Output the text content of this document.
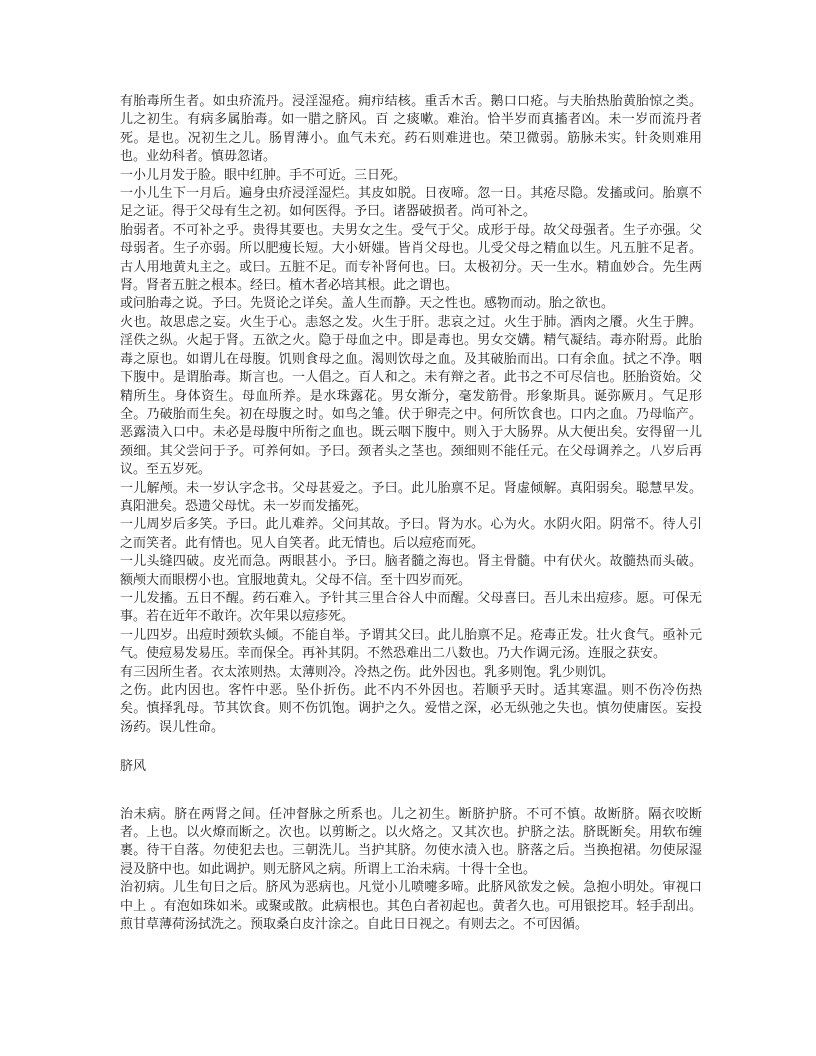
有胎毒所生者。如虫疥流丹。浸淫湿疮。痈疖结核。重舌木舌。鹅口口疮。与夫胎热胎黄胎惊之类。儿之初生。有病多属胎毒。如一腊之脐风。百 之痰嗽。难治。恰半岁而真搐者凶。未一岁而流丹者死。是也。况初生之儿。肠胃薄小。血气未充。药石则难进也。荣卫微弱。筋脉未实。针灸则难用也。业幼科者。慎毋忽诸。

一小儿月发于脸。眼中红肿。手不可近。三日死。

一小儿生下一月后。遍身虫疥浸淫湿烂。其皮如脱。日夜啼。忽一日。其疮尽隐。发搐或问。胎禀不足之证。得于父母有生之初。如何医得。予曰。诸器破损者。尚可补之。

胎弱者。不可补之乎。贵得其要也。夫男女之生。受气于父。成形于母。故父母强者。生子亦强。父母弱者。生子亦弱。所以肥瘦长短。大小妍媸。皆肖父母也。儿受父母之精血以生。凡五脏不足者。古人用地黄丸主之。或曰。五脏不足。而专补肾何也。曰。太极初分。天一生水。精血妙合。先生两肾。肾者五脏之根本。经曰。植木者必培其根。此之谓也。

或问胎毒之说。予曰。先贤论之详矣。盖人生而静。天之性也。感物而动。胎之欲也。

火也。故思虑之妄。火生于心。恚怒之发。火生于肝。悲哀之过。火生于肺。酒肉之餍。火生于脾。淫佚之纵。火起于肾。五欲之火。隐于母血之中。即是毒也。男女交媾。精气凝结。毒亦附焉。此胎毒之原也。如谓儿在母腹。饥则食母之血。渴则饮母之血。及其破胎而出。口有余血。拭之不净。咽下腹中。是谓胎毒。斯言也。一人倡之。百人和之。未有辩之者。此书之不可尽信也。胚胎资始。父精所生。身体资生。母血所养。是水珠露花。男女渐分，毫发筋骨。形象斯具。诞弥厥月。气足形全。乃破胎而生矣。初在母腹之时。如鸟之雏。伏于卵壳之中。何所饮食也。口内之血。乃母临产。恶露渍入口中。未必是母腹中所衔之血也。既云咽下腹中。则入于大肠界。从大便出矣。安得留一儿颈细。其父尝问于予。可养何如。予曰。颈者头之茎也。颈细则不能任元。在父母调养之。八岁后再议。至五岁死。

一儿解颅。未一岁认字念书。父母甚爱之。予曰。此儿胎禀不足。肾虚倾解。真阳弱矣。聪慧早发。真阳泄矣。恐遗父母忧。未一岁而发搐死。

一儿周岁后多笑。予曰。此儿难养。父问其故。予曰。肾为水。心为火。水阴火阳。阴常不。待人引之而笑者。此有情也。见人自笑者。此无情也。后以痘疮而死。

一儿头缝四破。皮光而急。两眼甚小。予曰。脑者髓之海也。肾主骨髓。中有伏火。故髓热而头破。额颅大而眼楞小也。宜服地黄丸。父母不信。至十四岁而死。

一儿发搐。五日不醒。药石难入。予针其三里合谷人中而醒。父母喜曰。吾儿未出痘疹。愿。可保无事。若在近年不敢许。次年果以痘疹死。

一儿四岁。出痘时颈软头倾。不能自举。予谓其父曰。此儿胎禀不足。疮毒正发。壮火食气。亟补元气。使痘易发易压。幸而保全。再补其阴。不然恐难出二八数也。乃大作调元汤。连服之获安。

有三因所生者。衣太浓则热。太薄则冷。冷热之伤。此外因也。乳多则饱。乳少则饥。

之伤。此内因也。客忤中恶。坠仆折伤。此不内不外因也。若顺乎天时。适其寒温。则不伤冷伤热矣。慎择乳母。节其饮食。则不伤饥饱。调护之久。爱惜之深，必无纵弛之失也。慎勿使庸医。妄投汤药。误儿性命。

脐风

治未病。脐在两肾之间。任冲督脉之所系也。儿之初生。断脐护脐。不可不慎。故断脐。隔衣咬断者。上也。以火燎而断之。次也。以剪断之。以火烙之。又其次也。护脐之法。脐既断矣。用软布缠裹。待干自落。勿使犯去也。三朝洗儿。当护其脐。勿使水渍入也。脐落之后。当换抱裙。勿使尿湿浸及脐中也。如此调护。则无脐风之病。所谓上工治未病。十得十全也。

治初病。儿生旬日之后。脐风为恶病也。凡觉小儿喷嚏多啼。此脐风欲发之候。急抱小明处。审视口中上 。有泡如珠如米。或聚或散。此病根也。其色白者初起也。黄者久也。可用银挖耳。轻手刮出。煎甘草薄荷汤拭洗之。预取桑白皮汁涂之。自此日日视之。有则去之。不可因循。
